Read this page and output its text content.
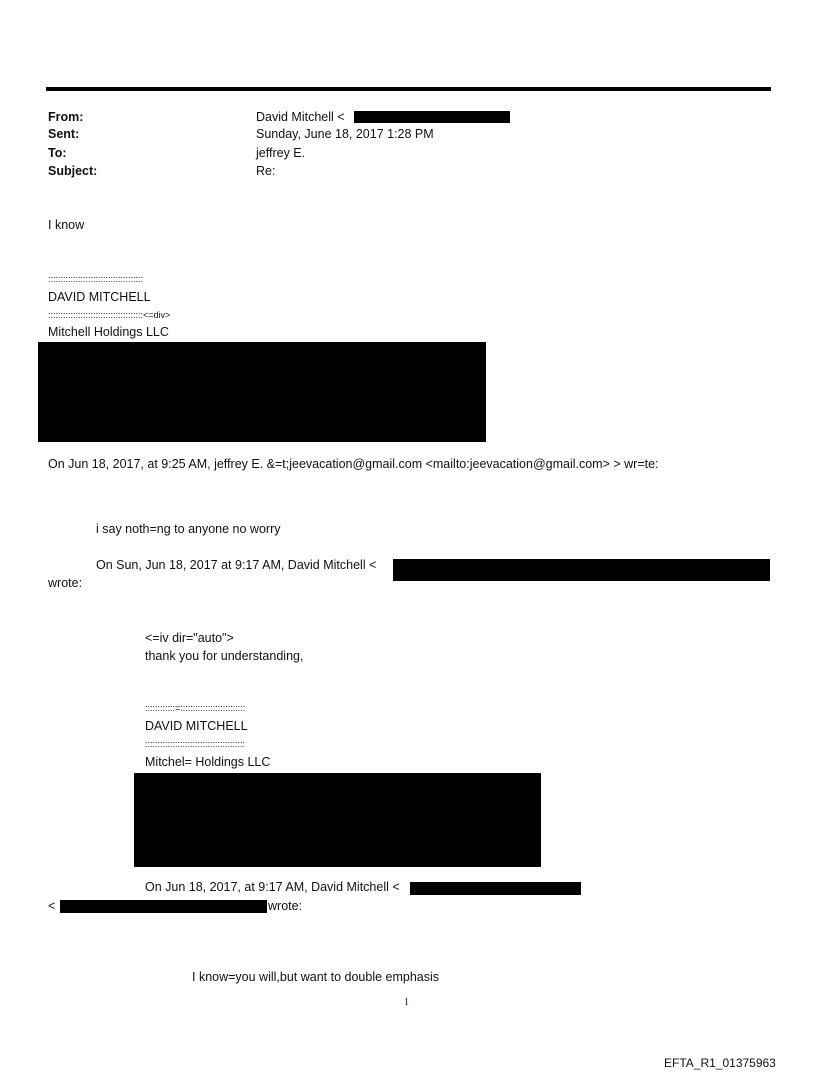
From:	David Mitchell <
Sent:	Sunday, June 18, 2017 1:28 PM
To:	jeffrey E.
Subject:	Re:
I know
::::::::::::::::::::::::::::::::::::::
DAVID MITCHELL
::::::::::::::::::::::::::::::::::::::<=div>
Mitchell Holdings LLC
On Jun 18, 2017, at 9:25 AM, jeffrey E. &=t;jeevacation@gmail.com <mailto:jeevacation@gmail.com> > wr=te:
i say noth=ng to anyone no worry
On Sun, Jun 18, 2017 at 9:17 AM, David Mitchell <
wrote:
<=iv dir="auto">
thank you for understanding,
::::::::::::=::::::::::::::::::::::::::
DAVID MITCHELL
::::::::::::::::::::::::::::::::::::::::
Mitchel= Holdings LLC
On Jun 18, 2017, at 9:17 AM, David Mitchell <
<	wrote:
I know=you will,but want to double emphasis
1
EFTA_R1_01375963
